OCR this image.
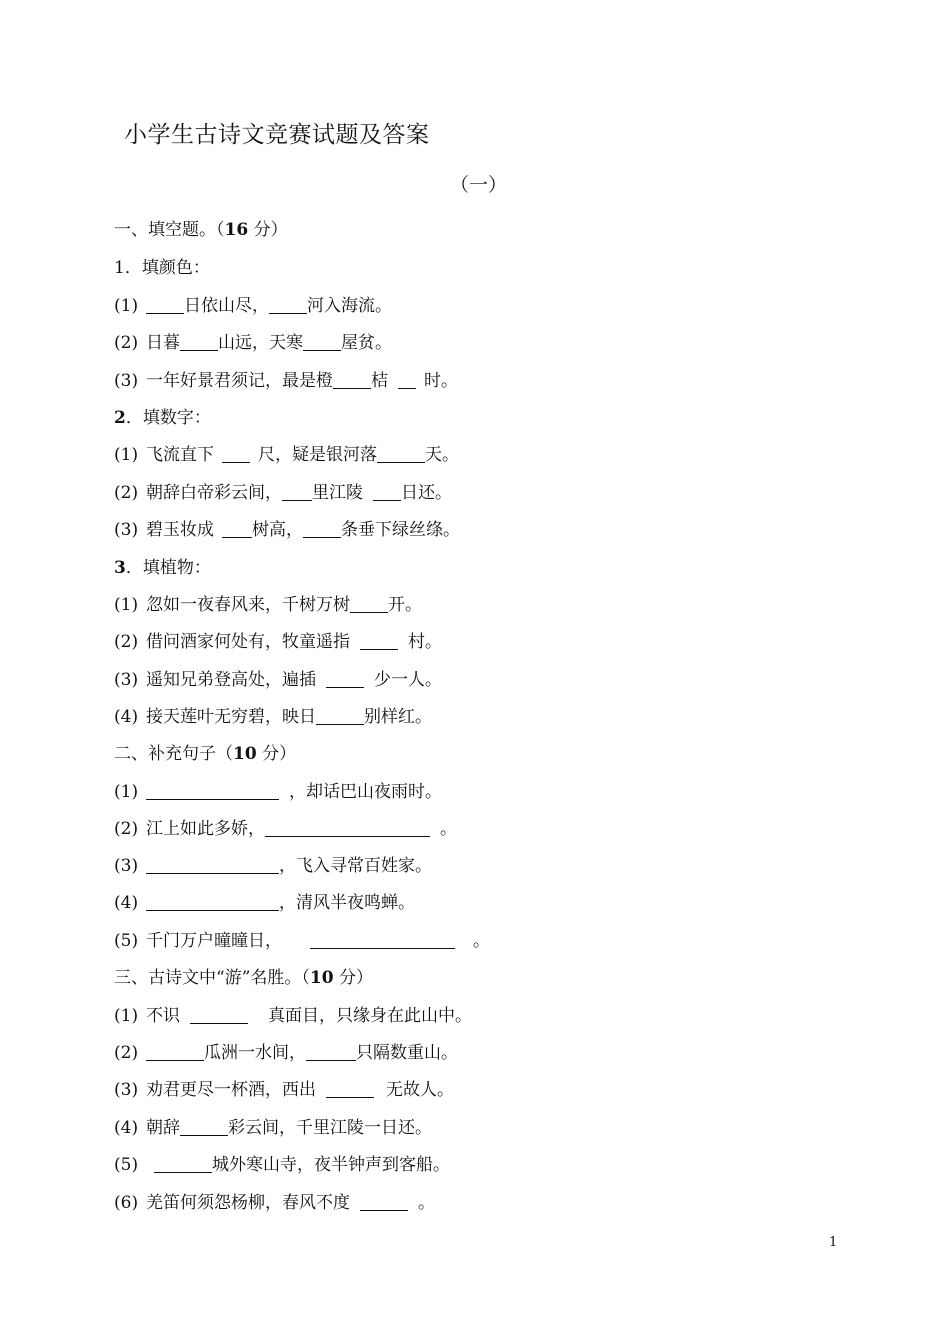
小学生古诗文竞赛试题及答案
（一）
一、填空题。（16 分）
1．填颜色：
(1)	日依山尽， 河入海流。
(2) 日暮 山远，天寒 屋贫。
(3) 一年好景君须记，最是橙 桔 时。
2．填数字：
(1) 飞流直下	尺，疑是银河落	天。
(2) 朝辞白帝彩云间， 里江陵 日还。
(3) 碧玉妆成 树高， 条垂下绿丝绦。
3．填植物：
(1) 忽如一夜春风来，千树万树 开。
(2) 借问酒家何处有，牧童遥指	村。
(3) 遥知兄弟登高处，遍插	少一人。
(4) 接天莲叶无穷碧，映日	别样红。
二、补充句子（10 分）
(1)	，却话巴山夜雨时。
(2) 江上如此多娇，	。
(3)	，飞入寻常百姓家。
(4)	，清风半夜鸣蝉。
(5) 千门万户曈曈日，	。
三、古诗文中“游”名胜。（10 分）
(1) 不识	真面目，只缘身在此山中。
(2)	瓜洲一水间，	只隔数重山。
(3) 劝君更尽一杯酒，西出	无故人。
(4) 朝辞	彩云间，千里江陵一日还。
(5)	城外寒山寺，夜半钟声到客船。
(6) 羌笛何须怨杨柳，春风不度	。
1
